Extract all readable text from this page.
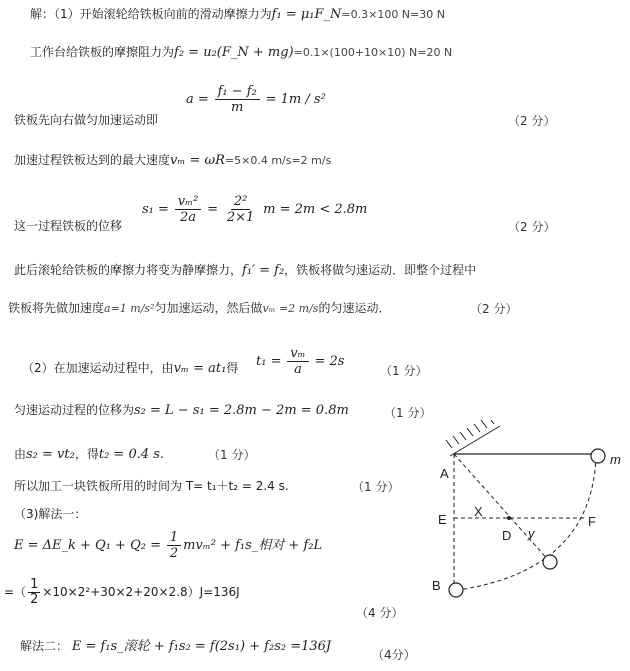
解：（1）开始滚轮给铁板向前的滑动摩擦力为f₁ = μ₁F_N=0.3×100 N=30 N
工作台给铁板的摩擦阻力为f₂ = u₂(F_N + mg)=0.1×(100+10×10) N=20 N
$a = \frac{\text{f₁ − f₂}}{m} = 1m / s^2$
铁板先向右做匀加速运动即	（2 分）
加速过程铁板达到的最大速度vₘ = ωR=5×0.4 m/s=2 m/s
$s_1 = \frac{\text{vₘ²}}{2a} = \frac{\text{2²}}{2\times 1}$ m = 2m < 2.8m
这一过程铁板的位移	（2 分）
此后滚轮给铁板的摩擦力将变为静摩擦力，f₁′ = f₂，铁板将做匀速运动．即整个过程中
铁板将先做加速度a=1 m/s²匀加速运动，然后做vₘ =2 m/s的匀速运动．	（2 分）
（2）在加速运动过程中，由vₘ = at₁得 $t_1 = \frac{\text{vₘ}}{a} = 2s$
（1 分）
匀速运动过程的位移为s₂ = L − s₁ = 2.8m − 2m = 0.8m	（1 分）
由s₂ = vt₂，得t₂ = 0.4 s.	（1 分）
所以加工一块铁板所用的时间为 T= t₁＋t₂ = 2.4 s.	（1 分）
（3)解法一：
E = ΔE_k + $Q_1 + Q_2 = \frac{1}{2} mv_m^2$ + f₁s_相对 + f₂L
=（ $\frac{1}{2} \times 10\times 2^2+30\times 2+20\times 2.8)J=136J$
（4 分）
解法二： E = f₁s_滚轮 + f₁s₂ = f(2s₁) + f₂s₂ =136J
（4分）
A
E
X
D y
F
B
m
